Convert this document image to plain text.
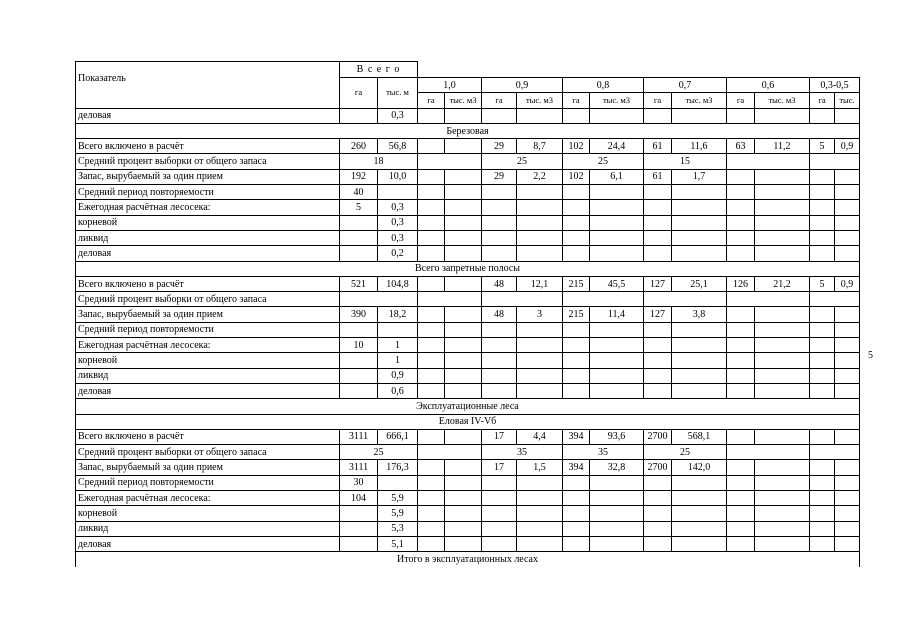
Показатель	В с е г о													
	га	тыс. м	1,0		0,9		0,8		0,7		0,6		0,3-0,5	
			га	тыс. м3	га	тыс. м3	га	тыс. м3	га	тыс. м3	га	тыс. м3	га	тыс.
деловая		0,3												
Березовая														
Всего включено в расчёт	260	56,8			29	8,7	102	24,4	61	11,6	63	11,2	5	0,9
Средний процент выборки от общего запаса	18				25		25		15					
Запас, вырубаемый за один прием	192	10,0			29	2,2	102	6,1	61	1,7				
Средний период повторяемости	40													
Ежегодная расчётная лесосека:	5	0,3												
корневой		0,3												
ликвид		0,3												
деловая		0,2												
Всего запретные полосы														
Всего включено в расчёт	521	104,8			48	12,1	215	45,5	127	25,1	126	21,2	5	0,9
Средний процент выборки от общего запаса														
Запас, вырубаемый за один прием	390	18,2			48	3	215	11,4	127	3,8				
Средний период повторяемости														
Ежегодная расчётная лесосека:	10	1												
корневой		1												
ликвид		0,9												
деловая		0,6												
Эксплуатационные леса														
Еловая IV-Vб														
Всего включено в расчёт	3111	666,1			17	4,4	394	93,6	2700	568,1				
Средний процент выборки от общего запаса	25				35		35		25					
Запас, вырубаемый за один прием	3111	176,3			17	1,5	394	32,8	2700	142,0				
Средний период повторяемости	30													
Ежегодная расчётная лесосека:	104	5,9												
корневой		5,9												
ликвид		5,3												
деловая		5,1												
Итого в эксплуатационных лесах														
5
